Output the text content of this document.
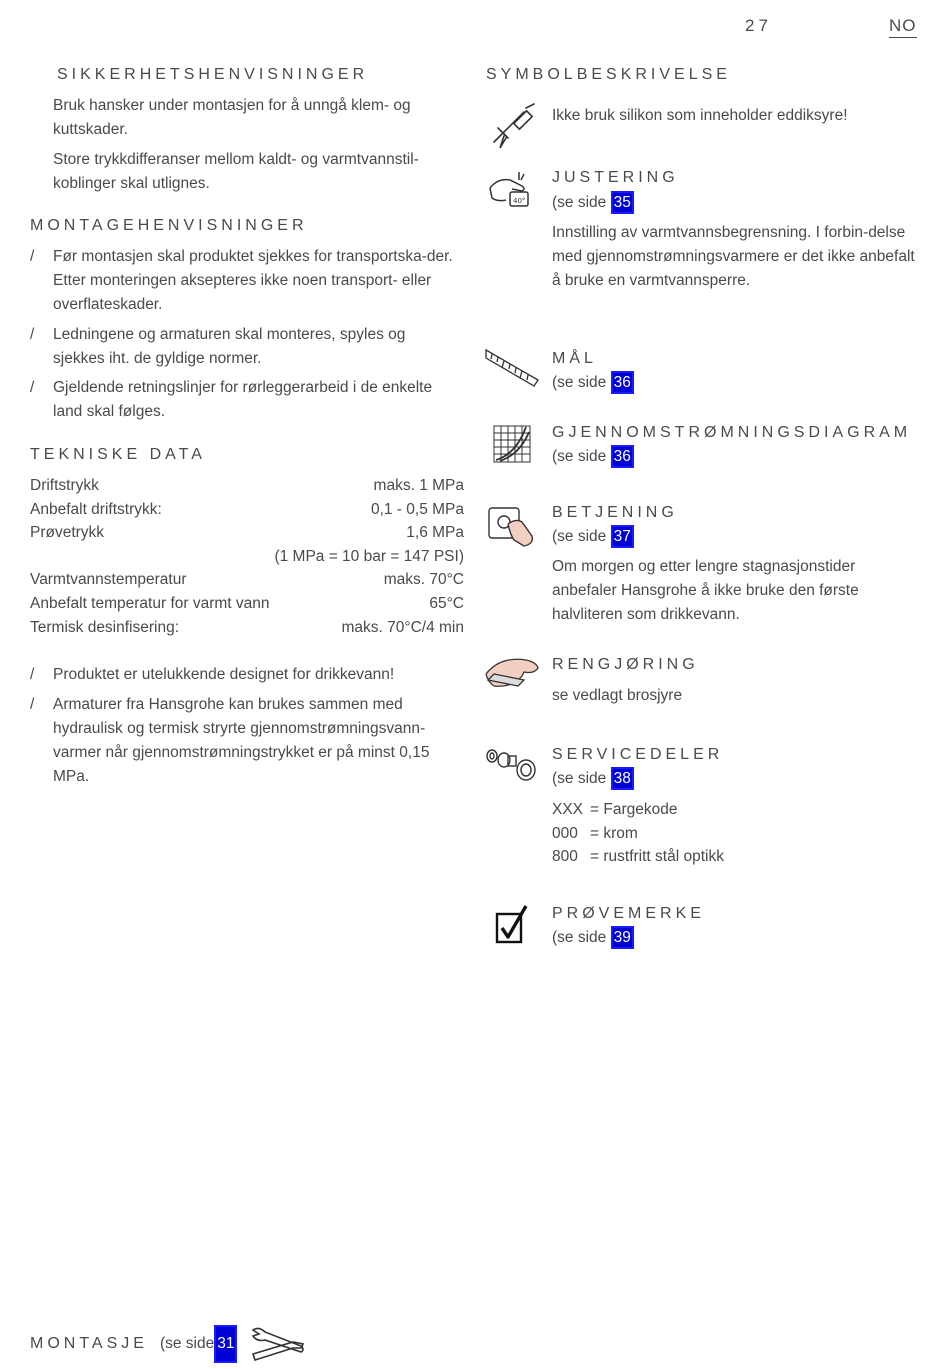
27	NO
SIKKERHETSHENVISNINGER
Bruk hansker under montasjen for å unngå klem- og kuttskader.
Store trykkdifferanser mellom kaldt- og varmtvannstil-koblinger skal utlignes.
MONTAGEHENVISNINGER
/	Før montasjen skal produktet sjekkes for transportska-der. Etter monteringen aksepteres ikke noen transport- eller overflateskader.
/	Ledningene og armaturen skal monteres, spyles og sjekkes iht. de gyldige normer.
/	Gjeldende retningslinjer for rørleggerarbeid i de enkelte land skal følges.
TEKNISKE DATA
Driftstrykk	maks. 1 MPa
Anbefalt driftstrykk:	0,1 - 0,5 MPa
Prøvetrykk	1,6 MPa
(1 MPa = 10 bar = 147 PSI)
Varmtvannstemperatur	maks. 70°C
Anbefalt temperatur for varmt vann	65°C
Termisk desinfisering:	maks. 70°C/4 min
/	Produktet er utelukkende designet for drikkevann!
/	Armaturer fra Hansgrohe kan brukes sammen med hydraulisk og termisk stryrte gjennomstrømningsvann-varmer når gjennomstrømningstrykket er på minst 0,15 MPa.
SYMBOLBESKRIVELSE
Ikke bruk silikon som inneholder eddiksyre!
40°
JUSTERING
(se side 35
Innstilling av varmtvannsbegrensning. I forbin-delse med gjennomstrømningsvarmere er det ikke anbefalt å bruke en varmtvannsperre.
MÅL
(se side 36
GJENNOMSTRØMNINGSDIAGRAM
(se side 36
BETJENING
(se side 37
Om morgen og etter lengre stagnasjonstider anbefaler Hansgrohe å ikke bruke den første halvliteren som drikkevann.
RENGJØRING
se vedlagt brosjyre
SERVICEDELER
(se side 38
XXX = Fargekode
000 = krom
800 = rustfritt stål optikk
PRØVEMERKE
(se side 39
MONTASJE (se side 31
